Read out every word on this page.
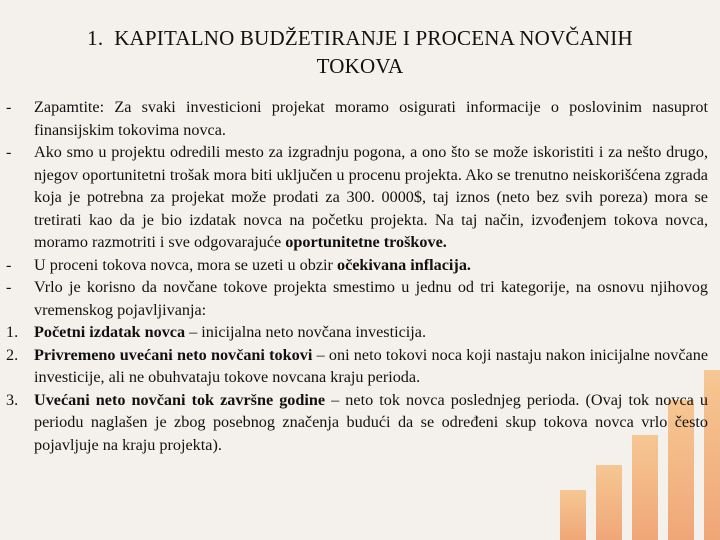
1. KAPITALNO BUDŽETIRANJE I PROCENA NOVČANIH
TOKOVA
- Zapamtite: Za svaki investicioni projekat moramo osigurati informacije o poslovinim nasuprot finansijskim tokovima novca.
- Ako smo u projektu odredili mesto za izgradnju pogona, a ono što se može iskoristiti i za nešto drugo, njegov oportunitetni trošak mora biti uključen u procenu projekta. Ako se trenutno neiskorišćena zgrada koja je potrebna za projekat može prodati za 300. 0000$, taj iznos (neto bez svih poreza) mora se tretirati kao da je bio izdatak novca na početku projekta. Na taj način, izvođenjem tokova novca, moramo razmotriti i sve odgovarajuće oportunitetne troškove.
- U proceni tokova novca, mora se uzeti u obzir očekivana inflacija.
- Vrlo je korisno da novčane tokove projekta smestimo u jednu od tri kategorije, na osnovu njihovog vremenskog pojavljivanja:
1. Početni izdatak novca – inicijalna neto novčana investicija.
2. Privremeno uvećani neto novčani tokovi – oni neto tokovi noca koji nastaju nakon inicijalne novčane investicije, ali ne obuhvataju tokove novcana kraju perioda.
3. Uvećani neto novčani tok završne godine – neto tok novca poslednjeg perioda. (Ovaj tok novca u periodu naglašen je zbog posebnog značenja budući da se određeni skup tokova novca vrlo često pojavljuje na kraju projekta).
